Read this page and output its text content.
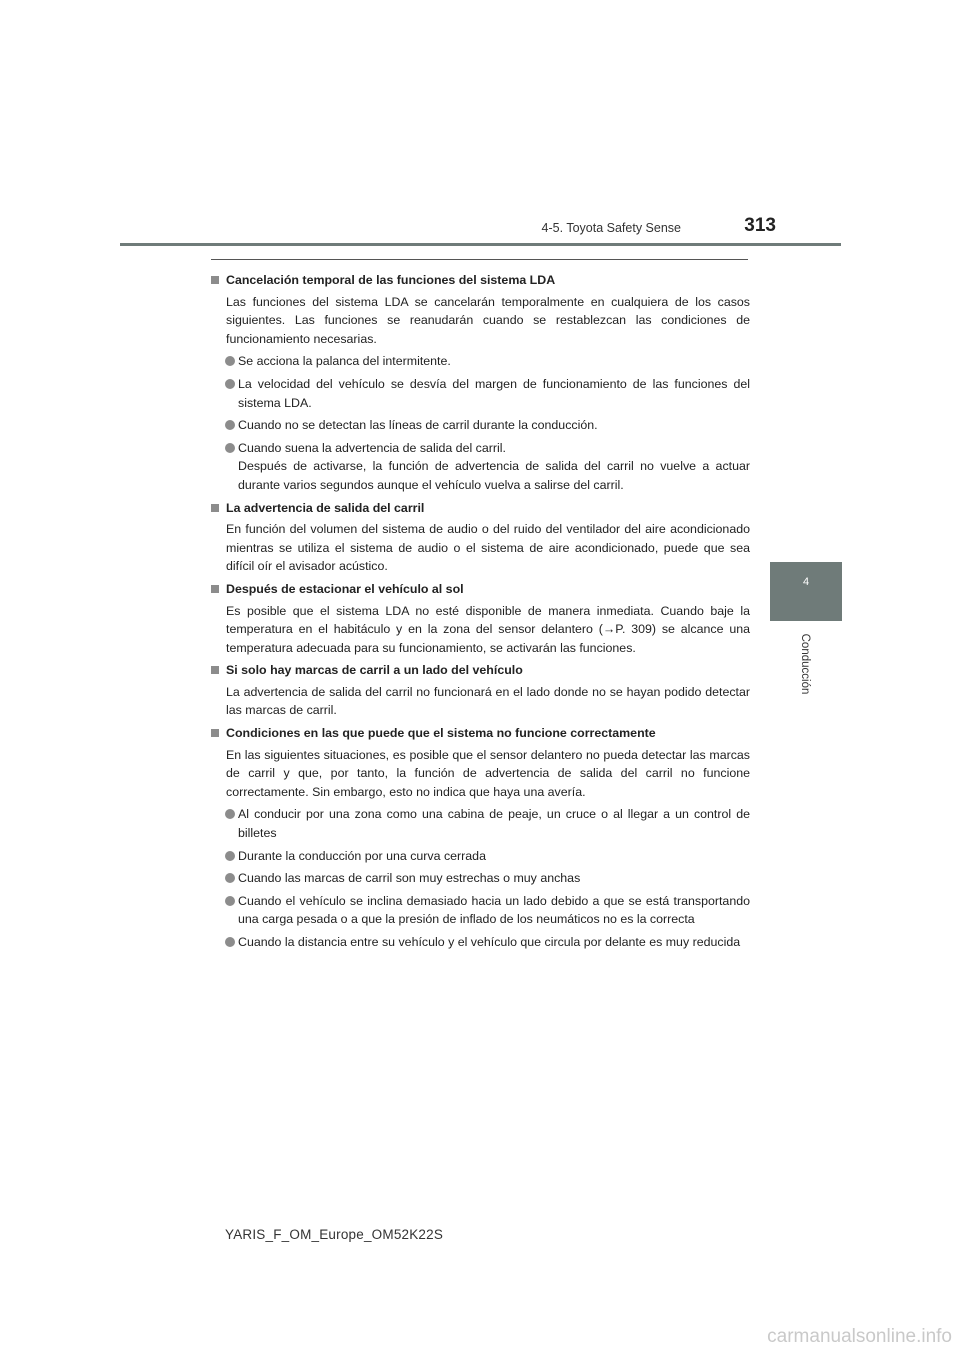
4-5. Toyota Safety Sense	313
4
Conducción
Cancelación temporal de las funciones del sistema LDA
Las funciones del sistema LDA se cancelarán temporalmente en cualquiera de los casos siguientes. Las funciones se reanudarán cuando se restablezcan las condiciones de funcionamiento necesarias.
Se acciona la palanca del intermitente.
La velocidad del vehículo se desvía del margen de funcionamiento de las funciones del sistema LDA.
Cuando no se detectan las líneas de carril durante la conducción.
Cuando suena la advertencia de salida del carril.
Después de activarse, la función de advertencia de salida del carril no vuelve a actuar durante varios segundos aunque el vehículo vuelva a salirse del carril.
La advertencia de salida del carril
En función del volumen del sistema de audio o del ruido del ventilador del aire acondicionado mientras se utiliza el sistema de audio o el sistema de aire acondicionado, puede que sea difícil oír el avisador acústico.
Después de estacionar el vehículo al sol
Es posible que el sistema LDA no esté disponible de manera inmediata. Cuando baje la temperatura en el habitáculo y en la zona del sensor delantero (→P. 309) se alcance una temperatura adecuada para su funcionamiento, se activarán las funciones.
Si solo hay marcas de carril a un lado del vehículo
La advertencia de salida del carril no funcionará en el lado donde no se hayan podido detectar las marcas de carril.
Condiciones en las que puede que el sistema no funcione correctamente
En las siguientes situaciones, es posible que el sensor delantero no pueda detectar las marcas de carril y que, por tanto, la función de advertencia de salida del carril no funcione correctamente. Sin embargo, esto no indica que haya una avería.
Al conducir por una zona como una cabina de peaje, un cruce o al llegar a un control de billetes
Durante la conducción por una curva cerrada
Cuando las marcas de carril son muy estrechas o muy anchas
Cuando el vehículo se inclina demasiado hacia un lado debido a que se está transportando una carga pesada o a que la presión de inflado de los neumáticos no es la correcta
Cuando la distancia entre su vehículo y el vehículo que circula por delante es muy reducida
YARIS_F_OM_Europe_OM52K22S
carmanualsonline.info
